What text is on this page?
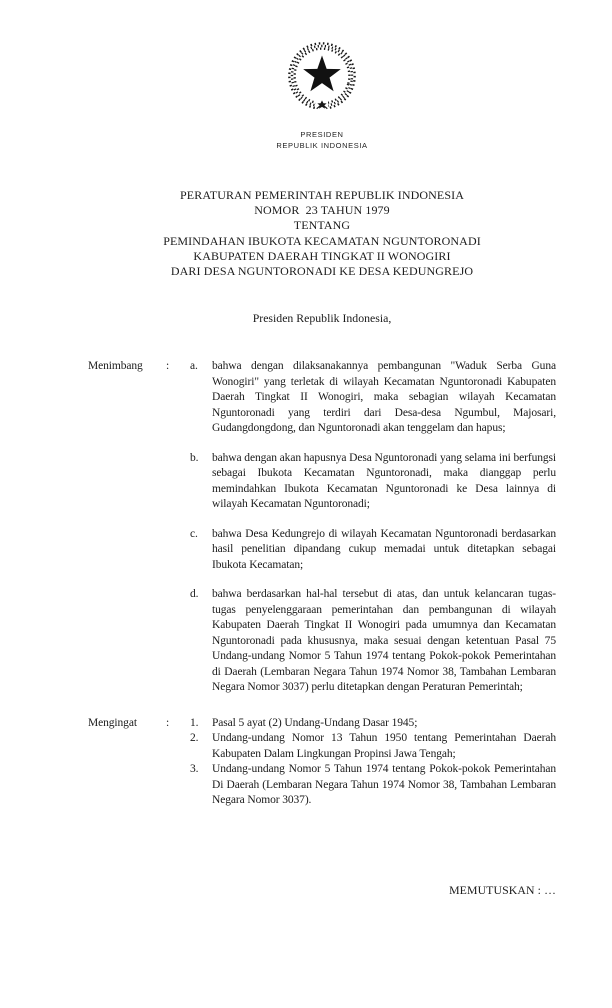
PRESIDEN
REPUBLIK INDONESIA
PERATURAN PEMERINTAH REPUBLIK INDONESIA
NOMOR  23 TAHUN 1979
TENTANG
PEMINDAHAN IBUKOTA KECAMATAN NGUNTORONADI
KABUPATEN DAERAH TINGKAT II WONOGIRI
DARI DESA NGUNTORONADI KE DESA KEDUNGREJO
Presiden Republik Indonesia,
Menimbang	:	a.	bahwa dengan dilaksanakannya pembangunan "Waduk Serba Guna Wonogiri" yang terletak di wilayah Kecamatan Nguntoronadi Kabupaten Daerah Tingkat II Wonogiri, maka sebagian wilayah Kecamatan Nguntoronadi yang terdiri dari Desa-desa Ngumbul, Majosari, Gudangdongdong, dan Nguntoronadi akan tenggelam dan hapus;
b.	bahwa dengan akan hapusnya Desa Nguntoronadi yang selama ini berfungsi sebagai Ibukota Kecamatan Nguntoronadi, maka dianggap perlu memindahkan Ibukota Kecamatan Nguntoronadi ke Desa lainnya di wilayah Kecamatan Nguntoronadi;
c.	bahwa Desa Kedungrejo di wilayah Kecamatan Nguntoronadi berdasarkan hasil penelitian dipandang cukup memadai untuk ditetapkan sebagai Ibukota Kecamatan;
d.	bahwa berdasarkan hal-hal tersebut di atas, dan untuk kelancaran tugas-tugas penyelenggaraan pemerintahan dan pembangunan di wilayah Kabupaten Daerah Tingkat II Wonogiri pada umumnya dan Kecamatan Nguntoronadi pada khususnya, maka sesuai dengan ketentuan Pasal 75 Undang-undang Nomor 5 Tahun 1974 tentang Pokok-pokok Pemerintahan di Daerah (Lembaran Negara Tahun 1974 Nomor 38, Tambahan Lembaran Negara Nomor 3037) perlu ditetapkan dengan Peraturan Pemerintah;
Mengingat	:	1.	Pasal 5 ayat (2) Undang-Undang Dasar 1945;
2.	Undang-undang Nomor 13 Tahun 1950 tentang Pemerintahan Daerah Kabupaten Dalam Lingkungan Propinsi Jawa Tengah;
3.	Undang-undang Nomor 5 Tahun 1974 tentang Pokok-pokok Pemerintahan Di Daerah (Lembaran Negara Tahun 1974 Nomor 38, Tambahan Lembaran Negara Nomor 3037).
MEMUTUSKAN : …
